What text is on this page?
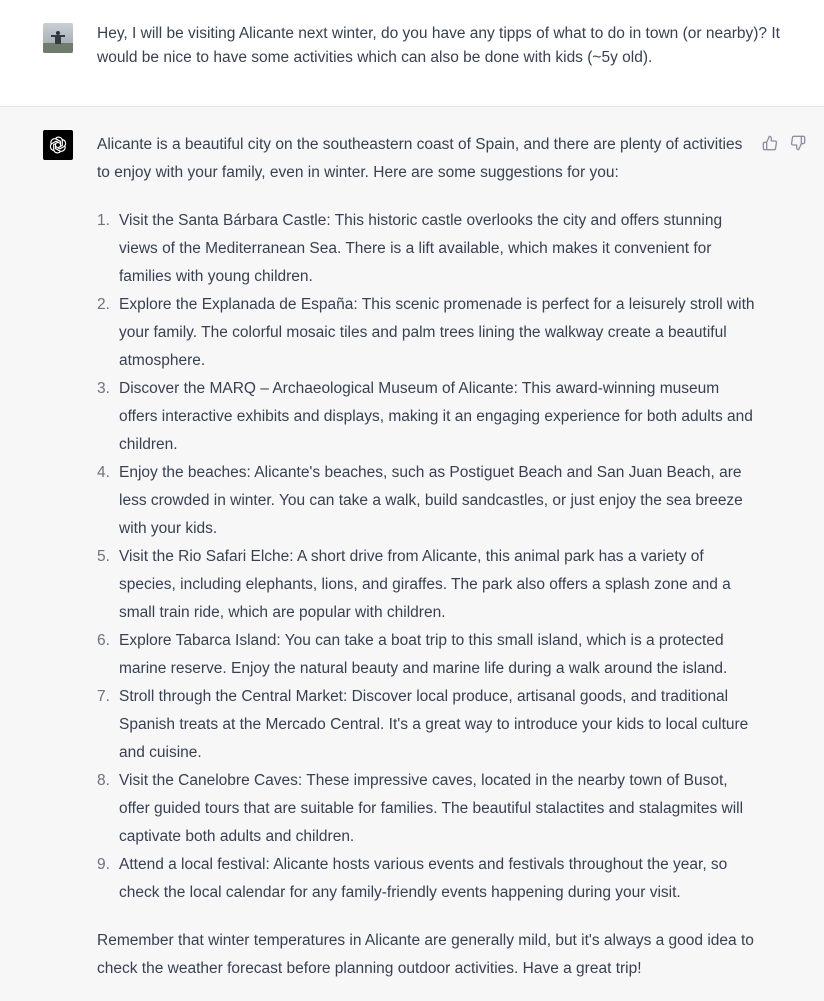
Hey, I will be visiting Alicante next winter, do you have any tipps of what to do in town (or nearby)? It would be nice to have some activities which can also be done with kids (~5y old).

Alicante is a beautiful city on the southeastern coast of Spain, and there are plenty of activities to enjoy with your family, even in winter. Here are some suggestions for you:

1. Visit the Santa Bárbara Castle: This historic castle overlooks the city and offers stunning views of the Mediterranean Sea. There is a lift available, which makes it convenient for families with young children.
2. Explore the Explanada de España: This scenic promenade is perfect for a leisurely stroll with your family. The colorful mosaic tiles and palm trees lining the walkway create a beautiful atmosphere.
3. Discover the MARQ – Archaeological Museum of Alicante: This award-winning museum offers interactive exhibits and displays, making it an engaging experience for both adults and children.
4. Enjoy the beaches: Alicante's beaches, such as Postiguet Beach and San Juan Beach, are less crowded in winter. You can take a walk, build sandcastles, or just enjoy the sea breeze with your kids.
5. Visit the Rio Safari Elche: A short drive from Alicante, this animal park has a variety of species, including elephants, lions, and giraffes. The park also offers a splash zone and a small train ride, which are popular with children.
6. Explore Tabarca Island: You can take a boat trip to this small island, which is a protected marine reserve. Enjoy the natural beauty and marine life during a walk around the island.
7. Stroll through the Central Market: Discover local produce, artisanal goods, and traditional Spanish treats at the Mercado Central. It's a great way to introduce your kids to local culture and cuisine.
8. Visit the Canelobre Caves: These impressive caves, located in the nearby town of Busot, offer guided tours that are suitable for families. The beautiful stalactites and stalagmites will captivate both adults and children.
9. Attend a local festival: Alicante hosts various events and festivals throughout the year, so check the local calendar for any family-friendly events happening during your visit.

Remember that winter temperatures in Alicante are generally mild, but it's always a good idea to check the weather forecast before planning outdoor activities. Have a great trip!
